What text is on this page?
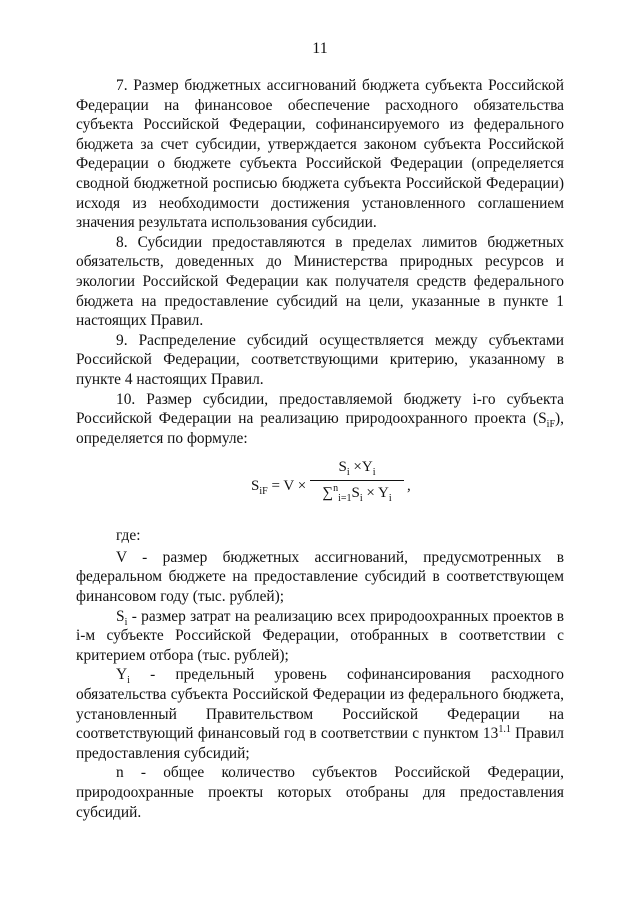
11

7. Размер бюджетных ассигнований бюджета субъекта Российской Федерации на финансовое обеспечение расходного обязательства субъекта Российской Федерации, софинансируемого из федерального бюджета за счет субсидии, утверждается законом субъекта Российской Федерации о бюджете субъекта Российской Федерации (определяется сводной бюджетной росписью бюджета субъекта Российской Федерации) исходя из необходимости достижения установленного соглашением значения результата использования субсидии.

8. Субсидии предоставляются в пределах лимитов бюджетных обязательств, доведенных до Министерства природных ресурсов и экологии Российской Федерации как получателя средств федерального бюджета на предоставление субсидий на цели, указанные в пункте 1 настоящих Правил.

9. Распределение субсидий осуществляется между субъектами Российской Федерации, соответствующими критерию, указанному в пункте 4 настоящих Правил.

10. Размер субсидии, предоставляемой бюджету i-го субъекта Российской Федерации на реализацию природоохранного проекта $(S_{iF})$, определяется по формуле:

$S_{iF} = V \times \frac{S_i \times Y_i}{\sum^n_{i=1}S_i \times Y_i}$ ,

где:

V - размер бюджетных ассигнований, предусмотренных в федеральном бюджете на предоставление субсидий в соответствующем финансовом году (тыс. рублей);

$S_i$ - размер затрат на реализацию всех природоохранных проектов в i-м субъекте Российской Федерации, отобранных в соответствии с критерием отбора (тыс. рублей);

$Y_i$ - предельный уровень софинансирования расходного обязательства субъекта Российской Федерации из федерального бюджета, установленный Правительством Российской Федерации на соответствующий финансовый год в соответствии с пунктом $13^{1.1}$ Правил предоставления субсидий;

n - общее количество субъектов Российской Федерации, природоохранные проекты которых отобраны для предоставления субсидий.
